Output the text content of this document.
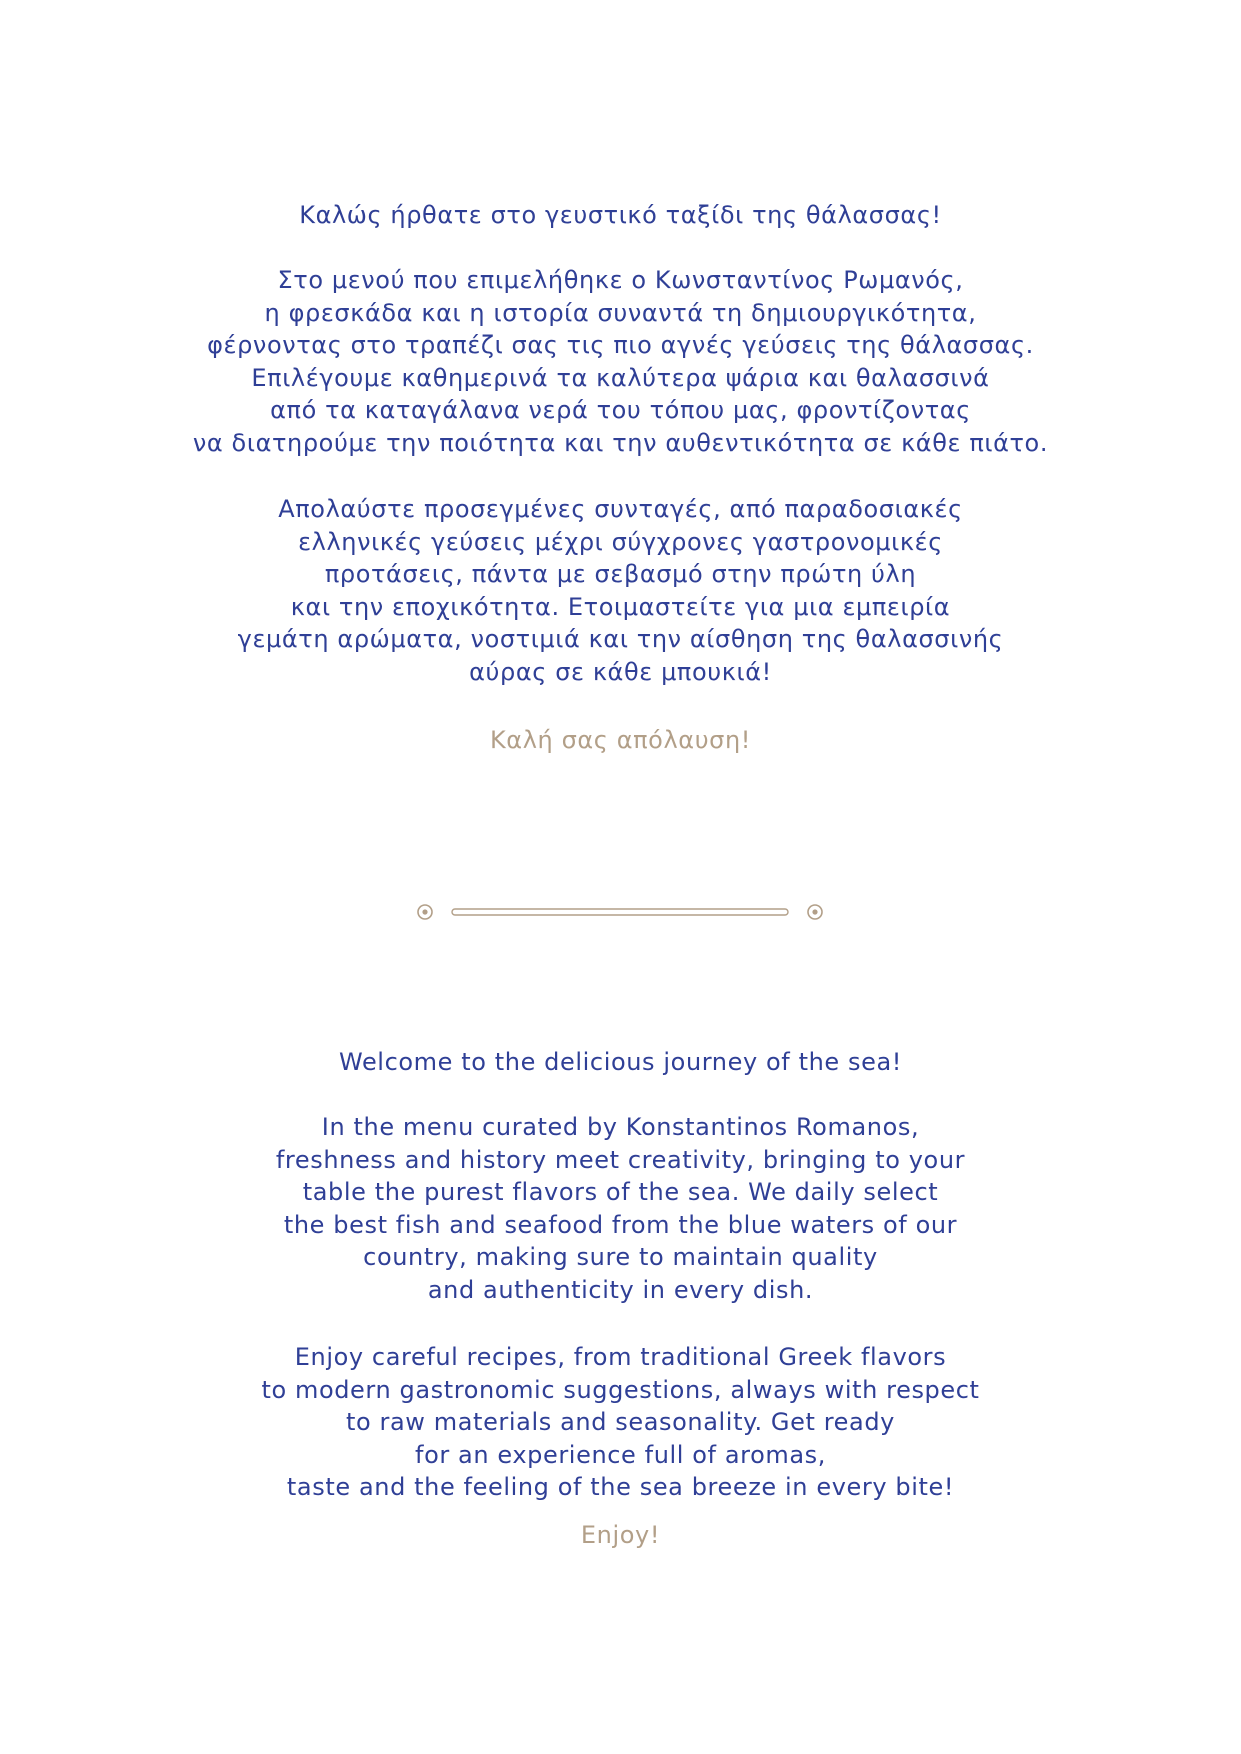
Καλώς ήρθατε στο γευστικό ταξίδι της θάλασσας!
Στο μενού που επιμελήθηκε ο Κωνσταντίνος Ρωμανός,
η φρεσκάδα και η ιστορία συναντά τη δημιουργικότητα,
φέρνοντας στο τραπέζι σας τις πιο αγνές γεύσεις της θάλασσας.
Επιλέγουμε καθημερινά τα καλύτερα ψάρια και θαλασσινά
από τα καταγάλανα νερά του τόπου μας, φροντίζοντας
να διατηρούμε την ποιότητα και την αυθεντικότητα σε κάθε πιάτο.
Απολαύστε προσεγμένες συνταγές, από παραδοσιακές
ελληνικές γεύσεις μέχρι σύγχρονες γαστρονομικές
προτάσεις, πάντα με σεβασμό στην πρώτη ύλη
και την εποχικότητα. Ετοιμαστείτε για μια εμπειρία
γεμάτη αρώματα, νοστιμιά και την αίσθηση της θαλασσινής
αύρας σε κάθε μπουκιά!
Καλή σας απόλαυση!
Welcome to the delicious journey of the sea!
In the menu curated by Konstantinos Romanos,
freshness and history meet creativity, bringing to your
table the purest flavors of the sea. We daily select
the best fish and seafood from the blue waters of our
country, making sure to maintain quality
and authenticity in every dish.
Enjoy careful recipes, from traditional Greek flavors
to modern gastronomic suggestions, always with respect
to raw materials and seasonality. Get ready
for an experience full of aromas,
taste and the feeling of the sea breeze in every bite!
Enjoy!
